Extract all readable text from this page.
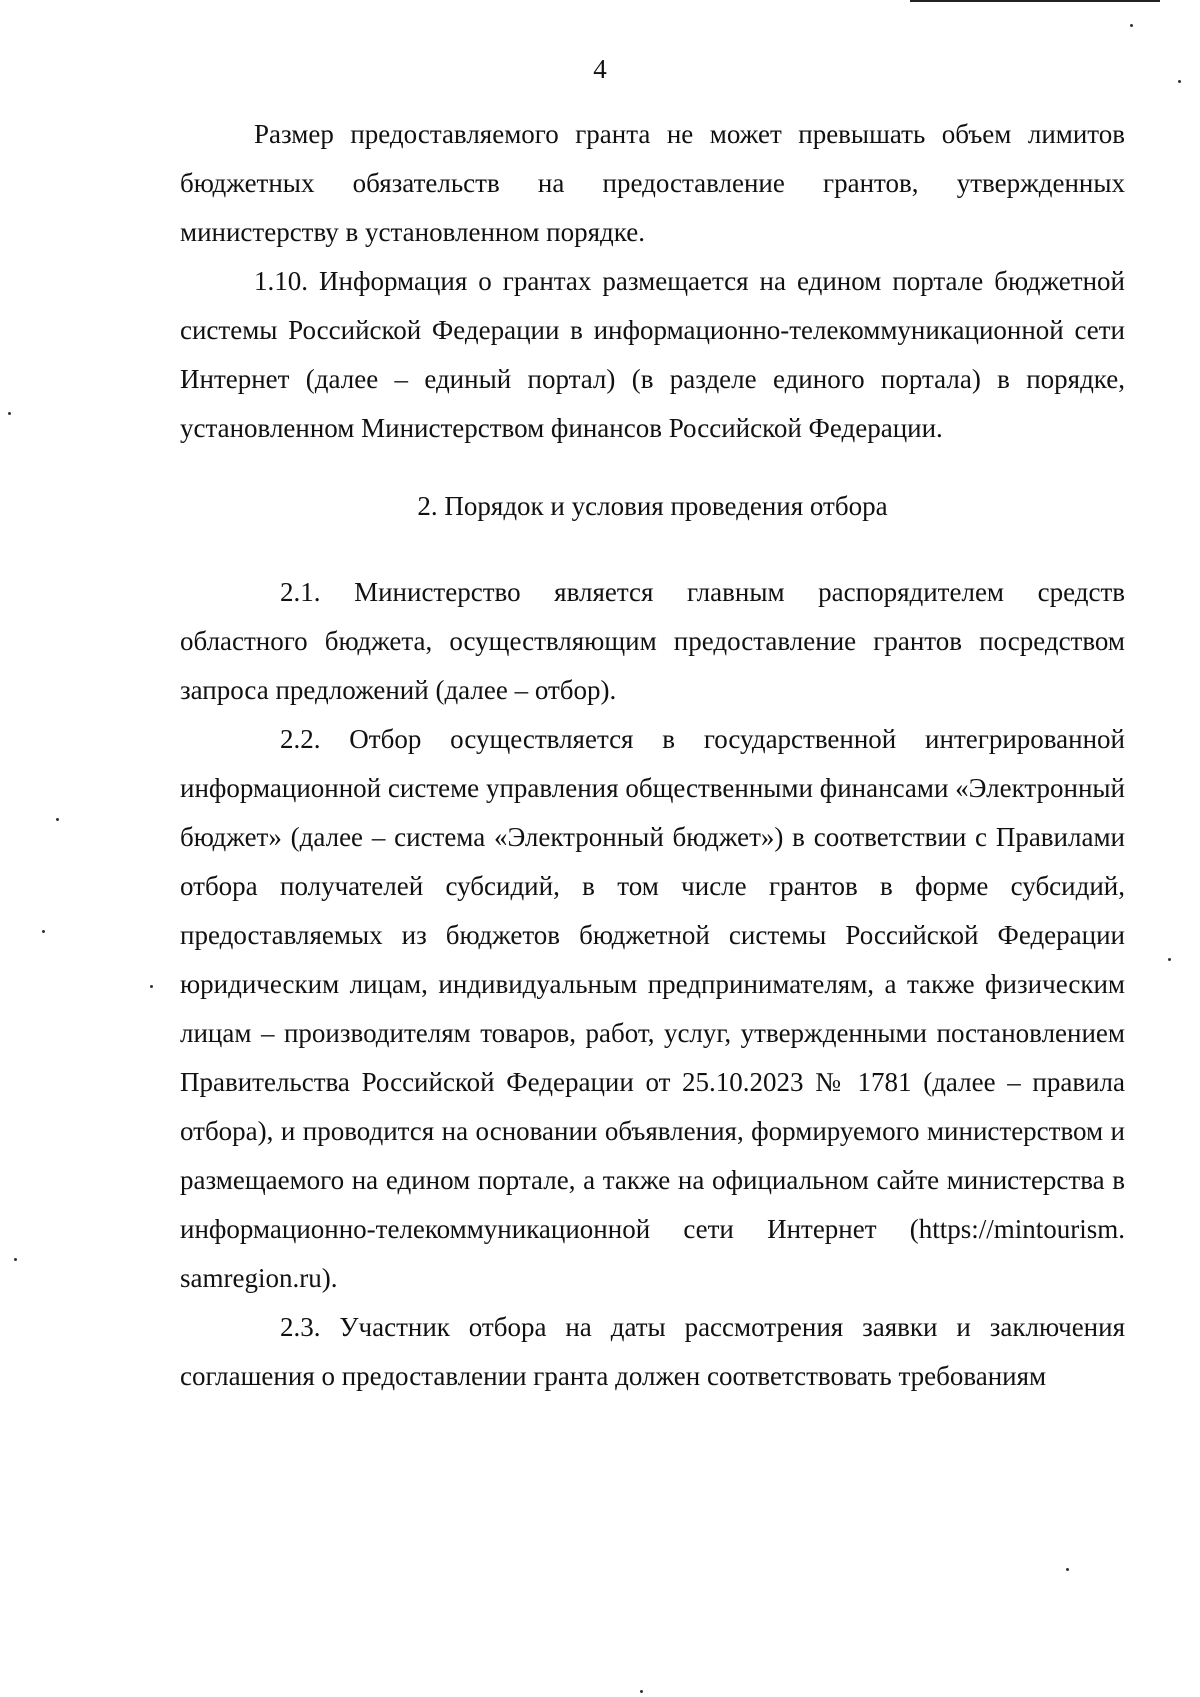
4

Размер предоставляемого гранта не может превышать объем лимитов бюджетных обязательств на предоставление грантов, утвержденных министерству в установленном порядке.

1.10. Информация о грантах размещается на едином портале бюджетной системы Российской Федерации в информационно-телекоммуникационной сети Интернет (далее – единый портал) (в разделе единого портала) в порядке, установленном Министерством финансов Российской Федерации.

2. Порядок и условия проведения отбора

2.1. Министерство является главным распорядителем средств областного бюджета, осуществляющим предоставление грантов посредством запроса предложений (далее – отбор).

2.2. Отбор осуществляется в государственной интегрированной информационной системе управления общественными финансами «Электронный бюджет» (далее – система «Электронный бюджет») в соответствии с Правилами отбора получателей субсидий, в том числе грантов в форме субсидий, предоставляемых из бюджетов бюджетной системы Российской Федерации юридическим лицам, индивидуальным предпринимателям, а также физическим лицам – производителям товаров, работ, услуг, утвержденными постановлением Правительства Российской Федерации от 25.10.2023 № 1781 (далее – правила отбора), и проводится на основании объявления, формируемого министерством и размещаемого на едином портале, а также на официальном сайте министерства в информационно-телекоммуникационной сети Интернет (https://mintourism. samregion.ru).

2.3. Участник отбора на даты рассмотрения заявки и заключения соглашения о предоставлении гранта должен соответствовать требованиям
